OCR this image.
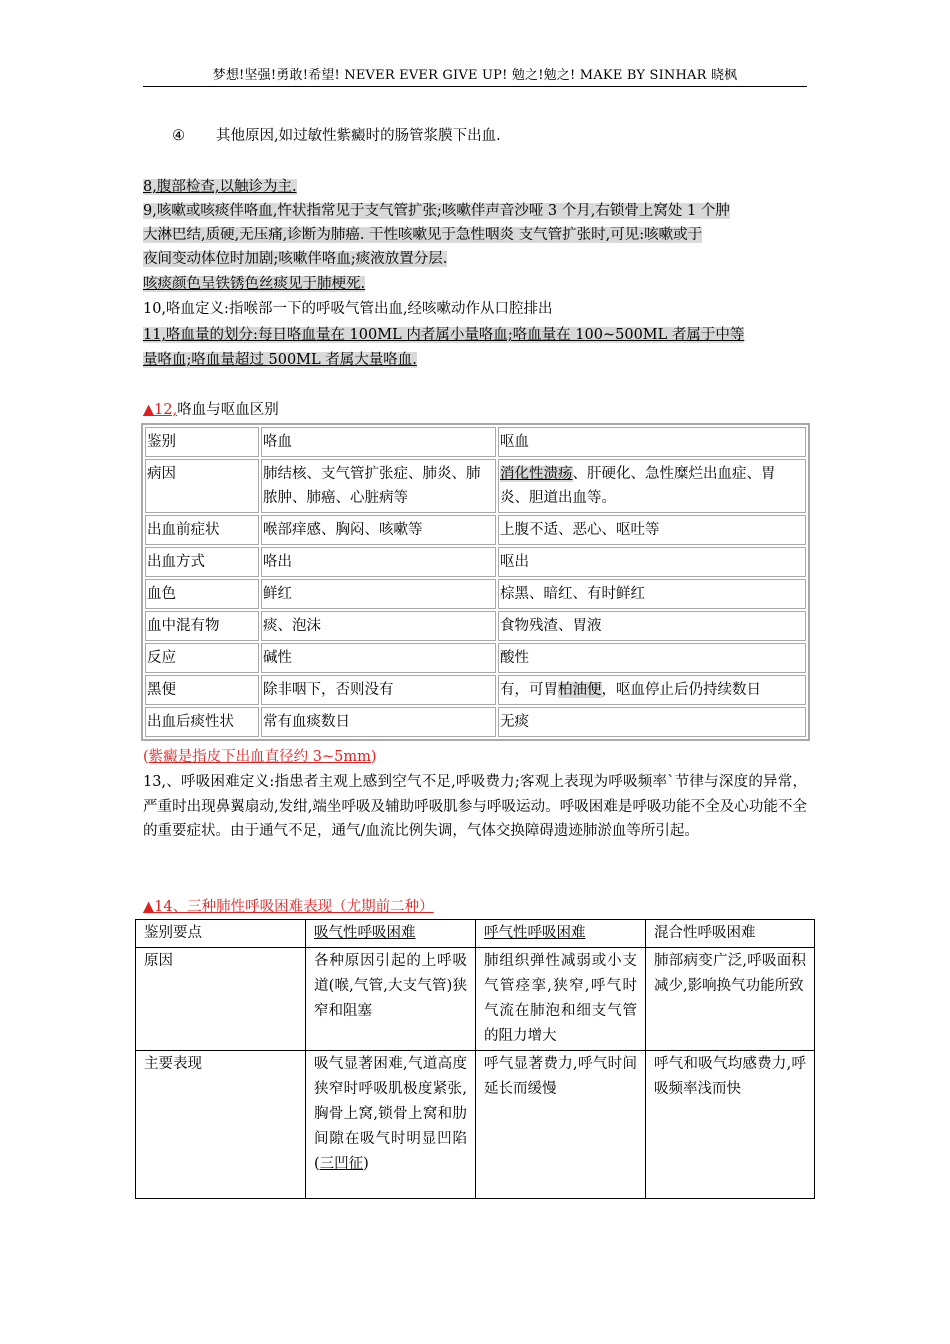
梦想!坚强!勇敢!希望! NEVER EVER GIVE UP! 勉之!勉之! MAKE BY SINHAR 晓枫
④ 其他原因,如过敏性紫癜时的肠管浆膜下出血.
8,腹部检查,以触诊为主.
9,咳嗽或咳痰伴咯血,忤状指常见于支气管扩张;咳嗽伴声音沙哑 3 个月,右锁骨上窝处 1 个肿
大淋巴结,质硬,无压痛,诊断为肺癌. 干性咳嗽见于急性咽炎 支气管扩张时,可见:咳嗽或于
夜间变动体位时加剧;咳嗽伴咯血;痰液放置分层.
咳痰颜色呈铁锈色丝痰见于肺梗死.
10,咯血定义:指喉部一下的呼吸气管出血,经咳嗽动作从口腔排出
11,咯血量的划分:每日咯血量在 100ML 内者属小量咯血;咯血量在 100~500ML 者属于中等
量咯血;咯血量超过 500ML 者属大量咯血.
▲12,咯血与呕血区别
鉴别	咯血	呕血
病因	肺结核、支气管扩张症、肺炎、肺脓肿、肺癌、心脏病等	消化性溃疡、肝硬化、急性糜烂出血症、胃炎、胆道出血等。
出血前症状	喉部痒感、胸闷、咳嗽等	上腹不适、恶心、呕吐等
出血方式	咯出	呕出
血色	鲜红	棕黑、暗红、有时鲜红
血中混有物	痰、泡沫	食物残渣、胃液
反应	碱性	酸性
黑便	除非咽下，否则没有	有，可胃柏油便，呕血停止后仍持续数日
出血后痰性状	常有血痰数日	无痰
(紫癜是指皮下出血直径约 3~5mm)
13,、呼吸困难定义:指患者主观上感到空气不足,呼吸费力;客观上表现为呼吸频率`节律与深度的异常，严重时出现鼻翼扇动,发绀,端坐呼吸及辅助呼吸肌参与呼吸运动。呼吸困难是呼吸功能不全及心功能不全的重要症状。由于通气不足，通气/血流比例失调，气体交换障碍遗迹肺淤血等所引起。
▲14、三种肺性呼吸困难表现（尤期前二种）
鉴别要点	吸气性呼吸困难	呼气性呼吸困难	混合性呼吸困难
原因	各种原因引起的上呼吸道(喉,气管,大支气管)狭窄和阻塞	肺组织弹性减弱或小支气管痉挛,狭窄,呼气时气流在肺泡和细支气管的阻力增大	肺部病变广泛,呼吸面积减少,影响换气功能所致
主要表现	吸气显著困难,气道高度狭窄时呼吸肌极度紧张,胸骨上窝,锁骨上窝和肋间隙在吸气时明显凹陷(三凹征)	呼气显著费力,呼气时间延长而缓慢	呼气和吸气均感费力,呼吸频率浅而快
